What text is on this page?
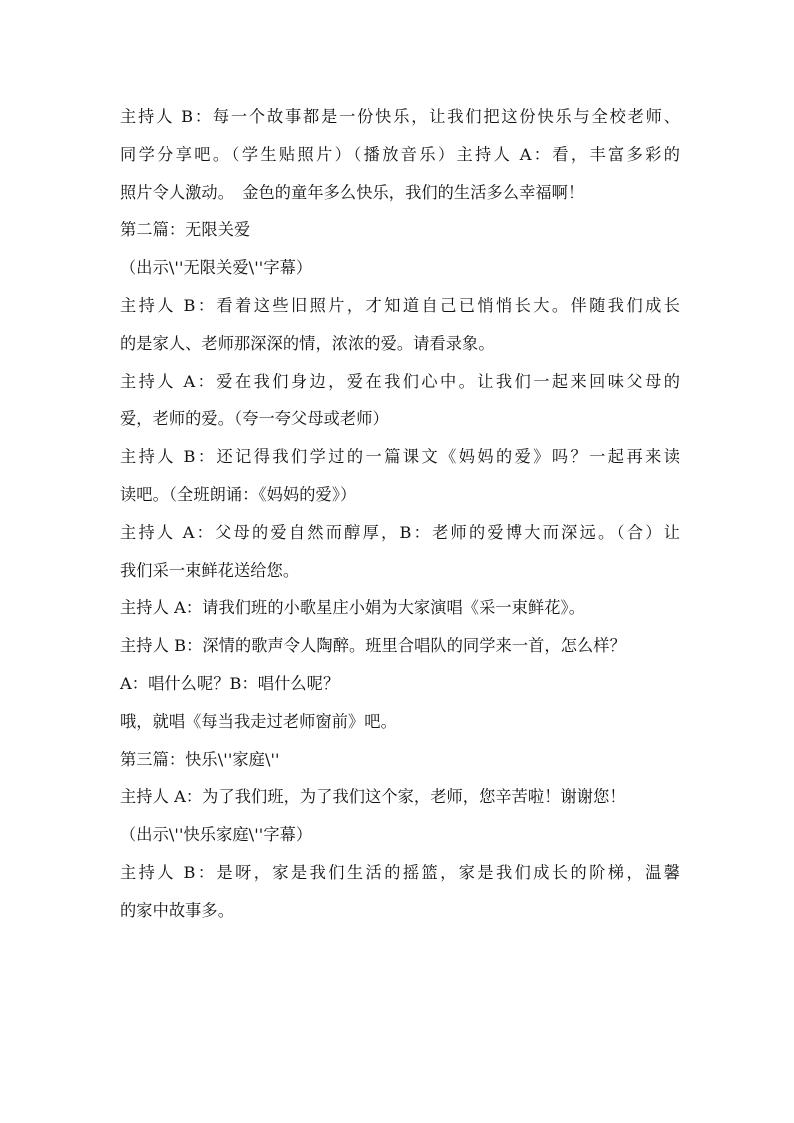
主持人 B：每一个故事都是一份快乐，让我们把这份快乐与全校老师、
同学分享吧。（学生贴照片）（播放音乐）主持人 A：看，丰富多彩的
照片令人激动。　金色的童年多么快乐，我们的生活多么幸福啊！
第二篇：无限关爱
（出示\''无限关爱\''字幕）
主持人 B：看着这些旧照片，才知道自己已悄悄长大。伴随我们成长
的是家人、老师那深深的情，浓浓的爱。请看录象。
主持人 A：爱在我们身边，爱在我们心中。让我们一起来回味父母的
爱，老师的爱。（夸一夸父母或老师）
主持人 B：还记得我们学过的一篇课文《妈妈的爱》吗？一起再来读
读吧。（全班朗诵：《妈妈的爱》）
主持人 A：父母的爱自然而醇厚，B：老师的爱博大而深远。（合）让
我们采一束鲜花送给您。
主持人 A：请我们班的小歌星庄小娟为大家演唱《采一束鲜花》。
主持人 B：深情的歌声令人陶醉。班里合唱队的同学来一首，怎么样？
A：唱什么呢？B：唱什么呢？
哦，就唱《每当我走过老师窗前》吧。
第三篇：快乐\''家庭\''
主持人 A：为了我们班，为了我们这个家，老师，您辛苦啦！谢谢您！
（出示\''快乐家庭\''字幕）
主持人 B：是呀，家是我们生活的摇篮，家是我们成长的阶梯，温馨
的家中故事多。
